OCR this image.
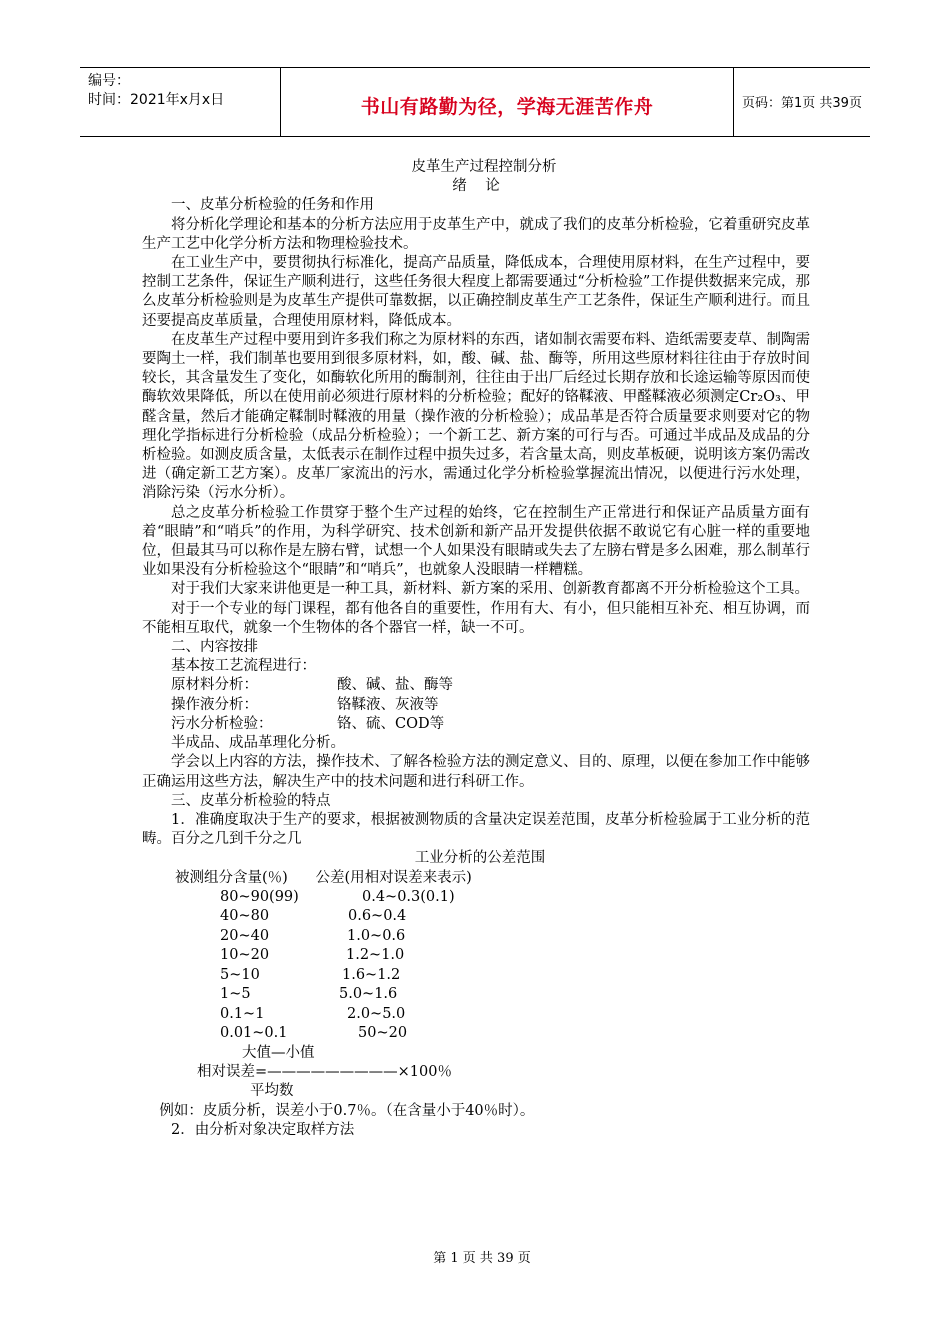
编号：
时间：2021年x月x日	书山有路勤为径，学海无涯苦作舟	页码：第1页 共39页

皮革生产过程控制分析

绪    论

一、皮革分析检验的任务和作用

将分析化学理论和基本的分析方法应用于皮革生产中，就成了我们的皮革分析检验，它着重研究皮革生产工艺中化学分析方法和物理检验技术。

在工业生产中，要贯彻执行标准化，提高产品质量，降低成本，合理使用原材料，在生产过程中，要控制工艺条件，保证生产顺利进行，这些任务很大程度上都需要通过“分析检验”工作提供数据来完成，那么皮革分析检验则是为皮革生产提供可靠数据，以正确控制皮革生产工艺条件，保证生产顺利进行。而且还要提高皮革质量，合理使用原材料，降低成本。

在皮革生产过程中要用到许多我们称之为原材料的东西，诸如制衣需要布料、造纸需要麦草、制陶需要陶土一样，我们制革也要用到很多原材料，如，酸、碱、盐、酶等，所用这些原材料往往由于存放时间较长，其含量发生了变化，如酶软化所用的酶制剂，往往由于出厂后经过长期存放和长途运输等原因而使酶软效果降低，所以在使用前必须进行原材料的分析检验；配好的铬鞣液、甲醛鞣液必须测定Cr₂O₃、甲醛含量，然后才能确定鞣制时鞣液的用量（操作液的分析检验）；成品革是否符合质量要求则要对它的物理化学指标进行分析检验（成品分析检验）；一个新工艺、新方案的可行与否。可通过半成品及成品的分析检验。如测皮质含量，太低表示在制作过程中损失过多，若含量太高，则皮革板硬，说明该方案仍需改进（确定新工艺方案）。皮革厂家流出的污水，需通过化学分析检验掌握流出情况，以便进行污水处理，消除污染（污水分析）。

总之皮革分析检验工作贯穿于整个生产过程的始终，它在控制生产正常进行和保证产品质量方面有着“眼睛”和“哨兵”的作用，为科学研究、技术创新和新产品开发提供依据不敢说它有心脏一样的重要地位，但最其马可以称作是左膀右臂，试想一个人如果没有眼睛或失去了左膀右臂是多么困难，那么制革行业如果没有分析检验这个“眼睛”和“哨兵”，也就象人没眼睛一样糟糕。

对于我们大家来讲他更是一种工具，新材料、新方案的采用、创新教育都离不开分析检验这个工具。

对于一个专业的每门课程，都有他各自的重要性，作用有大、有小，但只能相互补充、相互协调，而不能相互取代，就象一个生物体的各个器官一样，缺一不可。

二、内容按排

基本按工艺流程进行：

原材料分析：	酸、碱、盐、酶等
操作液分析：	铬鞣液、灰液等
污水分析检验：	铬、硫、COD等

半成品、成品革理化分析。

学会以上内容的方法，操作技术、了解各检验方法的测定意义、目的、原理，以便在参加工作中能够正确运用这些方法，解决生产中的技术问题和进行科研工作。

三、皮革分析检验的特点

1．准确度取决于生产的要求，根据被测物质的含量决定误差范围，皮革分析检验属于工业分析的范畴。百分之几到千分之几

工业分析的公差范围

被测组分含量(％)      公差(用相对误差来表示)

80~90(99)	0.4~0.3(0.1)
40~80	0.6~0.4
20~40	1.0~0.6
10~20	1.2~1.0
5~10	1.6~1.2
1~5	5.0~1.6
0.1~1	2.0~5.0
0.01~0.1	50~20
大值—小值
相对误差=—————————×100％
平均数

例如：皮质分析，误差小于0.7％。（在含量小于40％时）。

2．由分析对象决定取样方法

第 1 页 共 39 页
